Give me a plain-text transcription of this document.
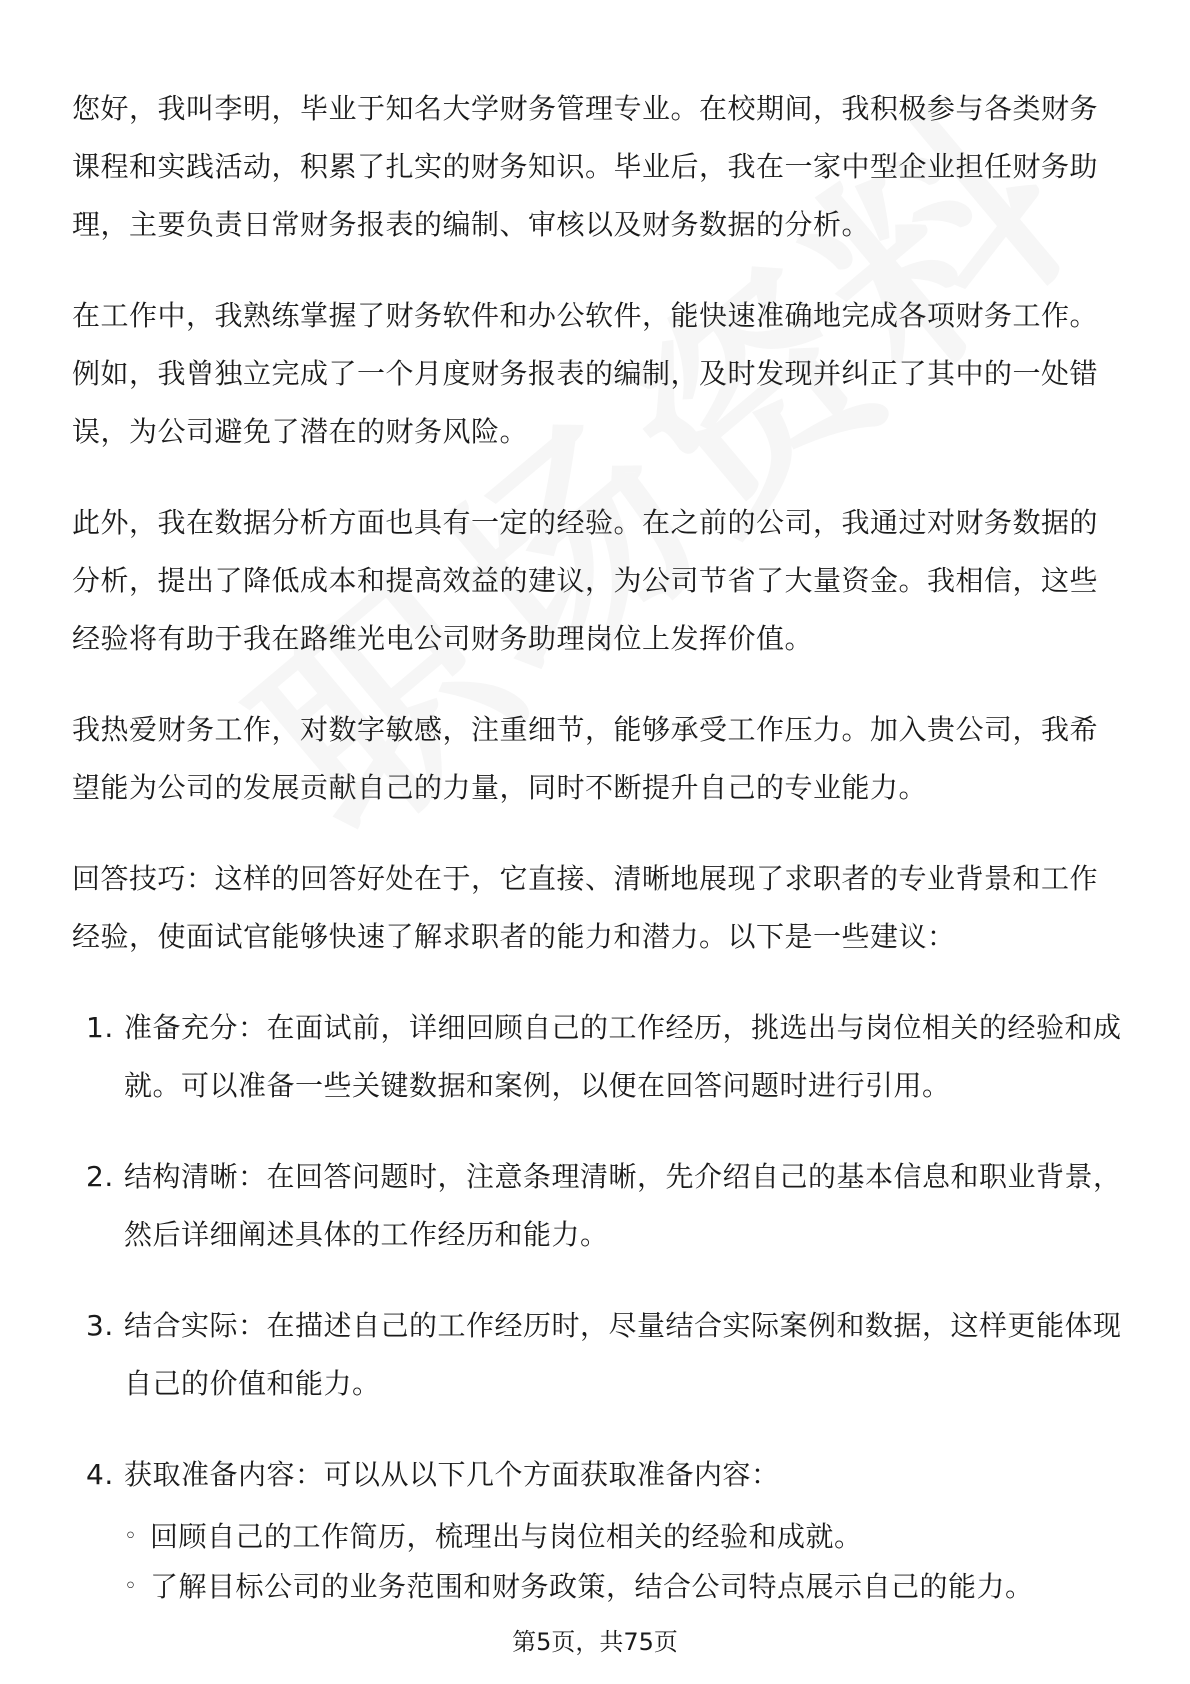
您好，我叫李明，毕业于知名大学财务管理专业。在校期间，我积极参与各类财务课程和实践活动，积累了扎实的财务知识。毕业后，我在一家中型企业担任财务助理，主要负责日常财务报表的编制、审核以及财务数据的分析。

在工作中，我熟练掌握了财务软件和办公软件，能快速准确地完成各项财务工作。例如，我曾独立完成了一个月度财务报表的编制，及时发现并纠正了其中的一处错误，为公司避免了潜在的财务风险。

此外，我在数据分析方面也具有一定的经验。在之前的公司，我通过对财务数据的分析，提出了降低成本和提高效益的建议，为公司节省了大量资金。我相信，这些经验将有助于我在路维光电公司财务助理岗位上发挥价值。

我热爱财务工作，对数字敏感，注重细节，能够承受工作压力。加入贵公司，我希望能为公司的发展贡献自己的力量，同时不断提升自己的专业能力。

回答技巧：这样的回答好处在于，它直接、清晰地展现了求职者的专业背景和工作经验，使面试官能够快速了解求职者的能力和潜力。以下是一些建议：

1. 准备充分：在面试前，详细回顾自己的工作经历，挑选出与岗位相关的经验和成就。可以准备一些关键数据和案例，以便在回答问题时进行引用。
2. 结构清晰：在回答问题时，注意条理清晰，先介绍自己的基本信息和职业背景，然后详细阐述具体的工作经历和能力。
3. 结合实际：在描述自己的工作经历时，尽量结合实际案例和数据，这样更能体现自己的价值和能力。
4. 获取准备内容：可以从以下几个方面获取准备内容：
◦ 回顾自己的工作简历，梳理出与岗位相关的经验和成就。
◦ 了解目标公司的业务范围和财务政策，结合公司特点展示自己的能力。
第5页，共75页
